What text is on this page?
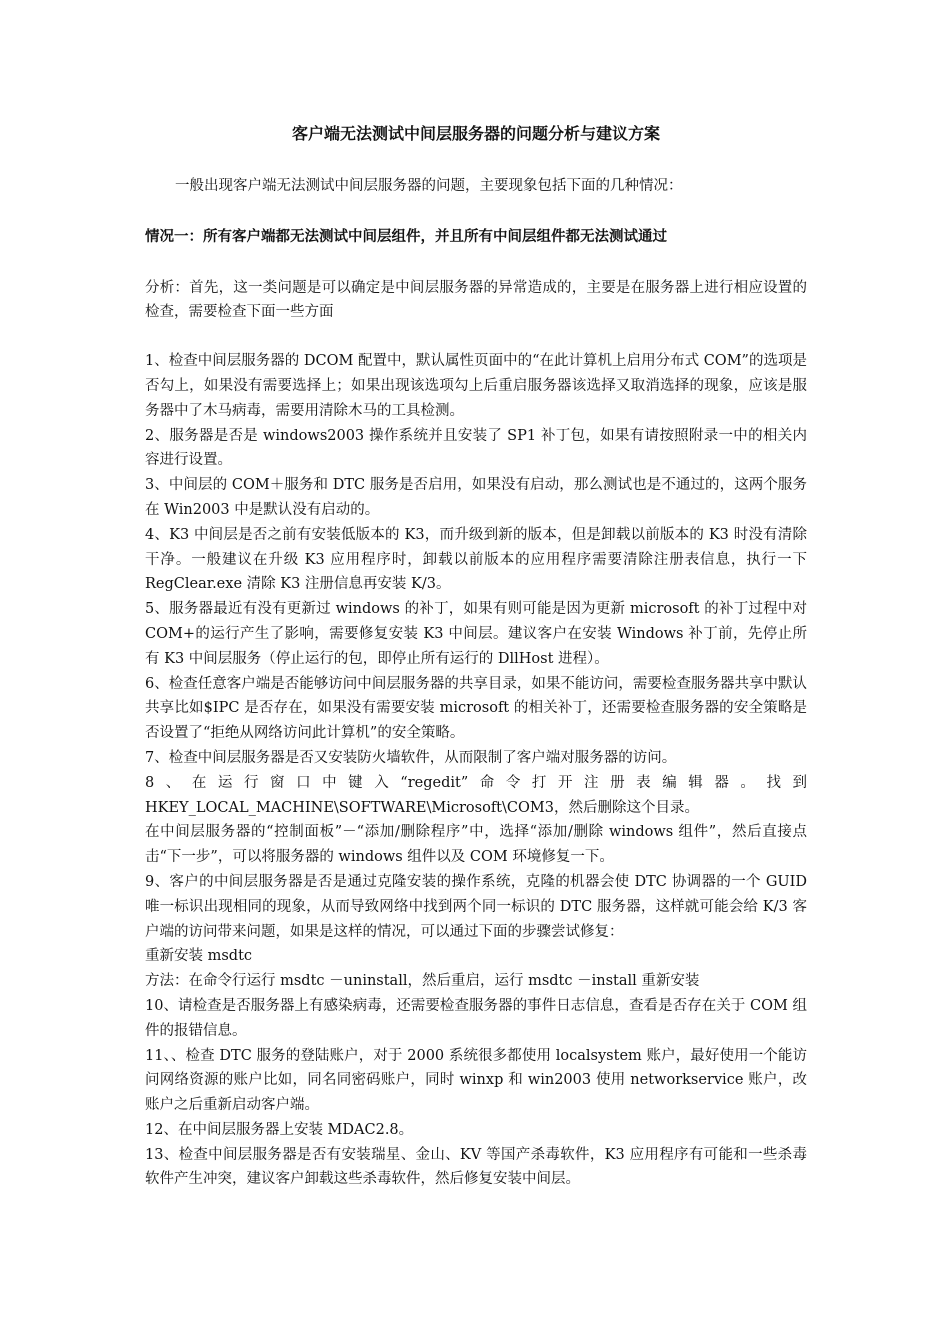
客户端无法测试中间层服务器的问题分析与建议方案

一般出现客户端无法测试中间层服务器的问题，主要现象包括下面的几种情况：

情况一：所有客户端都无法测试中间层组件，并且所有中间层组件都无法测试通过

分析：首先，这一类问题是可以确定是中间层服务器的异常造成的，主要是在服务器上进行相应设置的检查，需要检查下面一些方面

1、检查中间层服务器的 DCOM 配置中，默认属性页面中的“在此计算机上启用分布式 COM”的选项是否勾上，如果没有需要选择上；如果出现该选项勾上后重启服务器该选择又取消选择的现象，应该是服务器中了木马病毒，需要用清除木马的工具检测。

2、服务器是否是 windows2003 操作系统并且安装了 SP1 补丁包，如果有请按照附录一中的相关内容进行设置。

3、中间层的 COM＋服务和 DTC 服务是否启用，如果没有启动，那么测试也是不通过的，这两个服务在 Win2003 中是默认没有启动的。

4、K3 中间层是否之前有安装低版本的 K3，而升级到新的版本，但是卸载以前版本的 K3 时没有清除干净。一般建议在升级 K3 应用程序时，卸载以前版本的应用程序需要清除注册表信息，执行一下 RegClear.exe 清除 K3 注册信息再安装 K/3。

5、服务器最近有没有更新过 windows 的补丁，如果有则可能是因为更新 microsoft 的补丁过程中对 COM+的运行产生了影响，需要修复安装 K3 中间层。建议客户在安装 Windows 补丁前，先停止所有 K3 中间层服务（停止运行的包，即停止所有运行的 DllHost 进程）。

6、检查任意客户端是否能够访问中间层服务器的共享目录，如果不能访问，需要检查服务器共享中默认共享比如$IPC 是否存在，如果没有需要安装 microsoft 的相关补丁，还需要检查服务器的安全策略是否设置了“拒绝从网络访问此计算机”的安全策略。

7、检查中间层服务器是否又安装防火墙软件，从而限制了客户端对服务器的访问。

8、在运行窗口中键入“regedit”命令打开注册表编辑器。找到 HKEY_LOCAL_MACHINE\SOFTWARE\Microsoft\COM3，然后删除这个目录。

在中间层服务器的“控制面板”－“添加/删除程序”中，选择“添加/删除 windows 组件”，然后直接点击“下一步”，可以将服务器的 windows 组件以及 COM 环境修复一下。

9、客户的中间层服务器是否是通过克隆安装的操作系统，克隆的机器会使 DTC 协调器的一个 GUID 唯一标识出现相同的现象，从而导致网络中找到两个同一标识的 DTC 服务器，这样就可能会给 K/3 客户端的访问带来问题，如果是这样的情况，可以通过下面的步骤尝试修复：

重新安装 msdtc

方法：在命令行运行 msdtc －uninstall，然后重启，运行 msdtc －install 重新安装

10、请检查是否服务器上有感染病毒，还需要检查服务器的事件日志信息，查看是否存在关于 COM 组件的报错信息。

11、、检查 DTC 服务的登陆账户，对于 2000 系统很多都使用 localsystem 账户，最好使用一个能访问网络资源的账户比如，同名同密码账户，同时 winxp 和 win2003 使用 networkservice 账户，改账户之后重新启动客户端。

12、在中间层服务器上安装 MDAC2.8。

13、检查中间层服务器是否有安装瑞星、金山、KV 等国产杀毒软件，K3 应用程序有可能和一些杀毒软件产生冲突，建议客户卸载这些杀毒软件，然后修复安装中间层。
